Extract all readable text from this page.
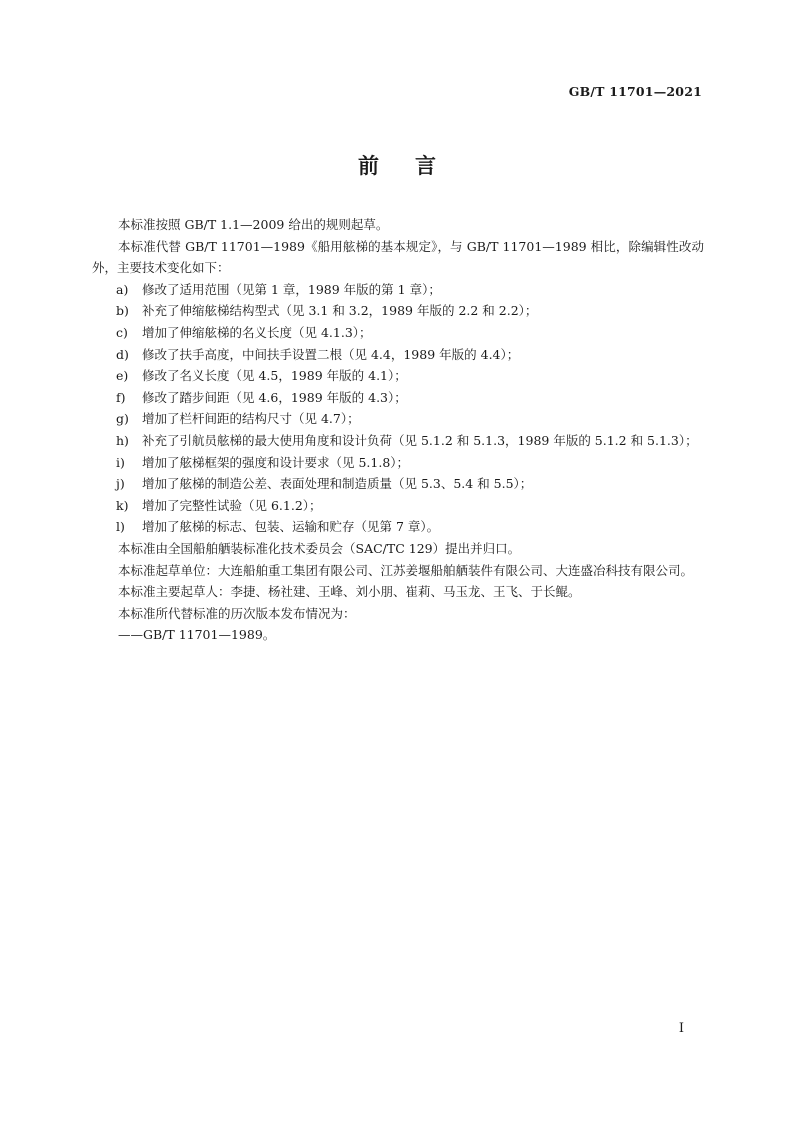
GB/T 11701—2021
前言

本标准按照 GB/T 1.1—2009 给出的规则起草。

本标准代替 GB/T 11701—1989《船用舷梯的基本规定》，与 GB/T 11701—1989 相比，除编辑性改动外，主要技术变化如下：

a)	修改了适用范围（见第 1 章，1989 年版的第 1 章）；
b)	补充了伸缩舷梯结构型式（见 3.1 和 3.2，1989 年版的 2.2 和 2.2）；
c)	增加了伸缩舷梯的名义长度（见 4.1.3）；
d)	修改了扶手高度，中间扶手设置二根（见 4.4，1989 年版的 4.4）；
e)	修改了名义长度（见 4.5，1989 年版的 4.1）；
f)	修改了踏步间距（见 4.6，1989 年版的 4.3）；
g)	增加了栏杆间距的结构尺寸（见 4.7）；
h)	补充了引航员舷梯的最大使用角度和设计负荷（见 5.1.2 和 5.1.3，1989 年版的 5.1.2 和 5.1.3）；
i)	增加了舷梯框架的强度和设计要求（见 5.1.8）；
j)	增加了舷梯的制造公差、表面处理和制造质量（见 5.3、5.4 和 5.5）；
k)	增加了完整性试验（见 6.1.2）；
l)	增加了舷梯的标志、包装、运输和贮存（见第 7 章）。

本标准由全国船舶舾装标准化技术委员会（SAC/TC 129）提出并归口。

本标准起草单位：大连船舶重工集团有限公司、江苏姜堰船舶舾装件有限公司、大连盛冶科技有限公司。

本标准主要起草人：李捷、杨社建、王峰、刘小朋、崔莉、马玉龙、王飞、于长鲲。

本标准所代替标准的历次版本发布情况为：

——GB/T 11701—1989。

I
